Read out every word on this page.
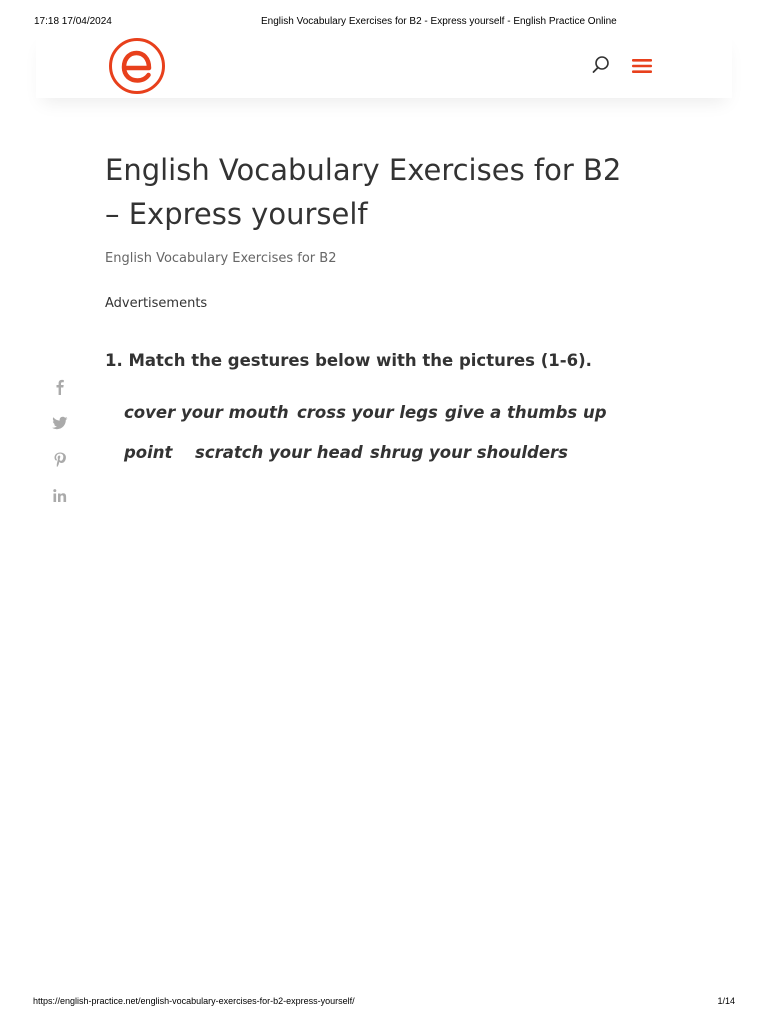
17:18 17/04/2024	English Vocabulary Exercises for B2 - Express yourself - English Practice Online
English Vocabulary Exercises for B2 – Express yourself
English Vocabulary Exercises for B2
Advertisements
1. Match the gestures below with the pictures (1-6).
cover your mouth cross your legs give a thumbs up
point scratch your head shrug your shoulders
https://english-practice.net/english-vocabulary-exercises-for-b2-express-yourself/	1/14
